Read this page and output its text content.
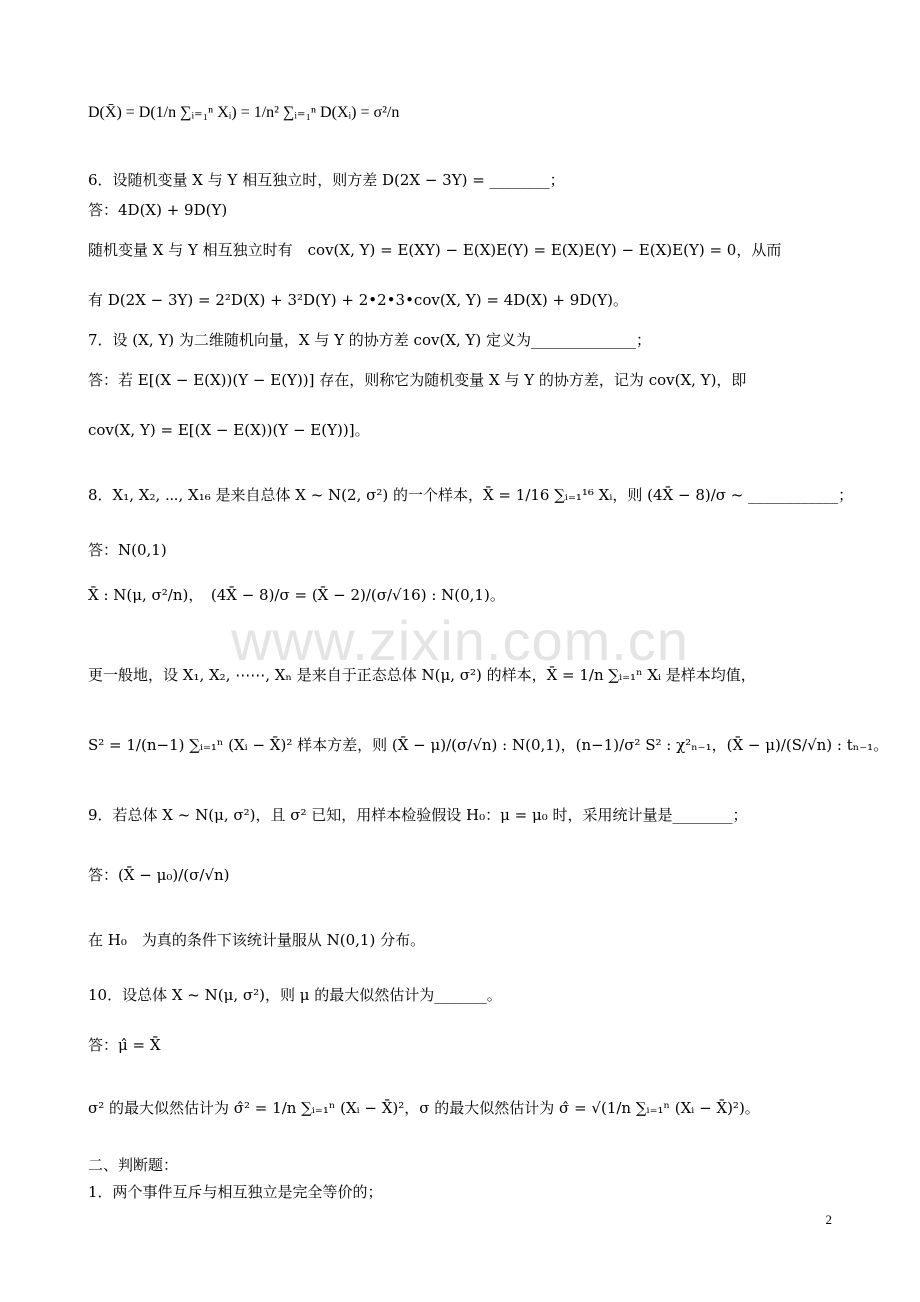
www.zixin.com.cn
D(X̄) = D(1/n ∑ᵢ₌₁ⁿ Xᵢ) = 1/n² ∑ᵢ₌₁ⁿ D(Xᵢ) = σ²/n
6．设随机变量 X 与 Y 相互独立时，则方差 D(2X − 3Y) = ________；
答：4D(X) + 9D(Y)
随机变量 X 与 Y 相互独立时有　cov(X, Y) = E(XY) − E(X)E(Y) = E(X)E(Y) − E(X)E(Y) = 0，从而
有 D(2X − 3Y) = 2²D(X) + 3²D(Y) + 2•2•3•cov(X, Y) = 4D(X) + 9D(Y)。
7．设 (X, Y) 为二维随机向量，X 与 Y 的协方差 cov(X, Y) 定义为______________；
答：若 E[(X − E(X))(Y − E(Y))] 存在，则称它为随机变量 X 与 Y 的协方差，记为 cov(X, Y)，即
cov(X, Y) = E[(X − E(X))(Y − E(Y))]。
8．X₁, X₂, ⋯, X₁₆ 是来自总体 X ~ N(2, σ²) 的一个样本，X̄ = 1/16 ∑ᵢ₌₁¹⁶ Xᵢ，则 (4X̄ − 8)/σ ~ ____________；
答：N(0,1)
X̄ : N(μ, σ²/n)，　(4X̄ − 8)/σ = (X̄ − 2)/(σ/√16) : N(0,1)。
更一般地，设 X₁, X₂, ⋯⋯, Xₙ 是来自于正态总体 N(μ, σ²) 的样本，X̄ = 1/n ∑ᵢ₌₁ⁿ Xᵢ 是样本均值，
S² = 1/(n−1) ∑ᵢ₌₁ⁿ (Xᵢ − X̄)² 样本方差，则 (X̄ − μ)/(σ/√n) : N(0,1)，(n−1)/σ² S² : χ²ₙ₋₁，(X̄ − μ)/(S/√n) : tₙ₋₁。
9．若总体 X ~ N(μ, σ²)，且 σ² 已知，用样本检验假设 H₀：μ = μ₀ 时，采用统计量是________；
答：(X̄ − μ₀)/(σ/√n)
在 H₀　为真的条件下该统计量服从 N(0,1) 分布。
10．设总体 X ~ N(μ, σ²)，则 μ 的最大似然估计为_______。
答：μ̂ = X̄
σ² 的最大似然估计为 σ̂² = 1/n ∑ᵢ₌₁ⁿ (Xᵢ − X̄)²，σ 的最大似然估计为 σ̂ = √(1/n ∑ᵢ₌₁ⁿ (Xᵢ − X̄)²)。
二、判断题：
1．两个事件互斥与相互独立是完全等价的；
2
